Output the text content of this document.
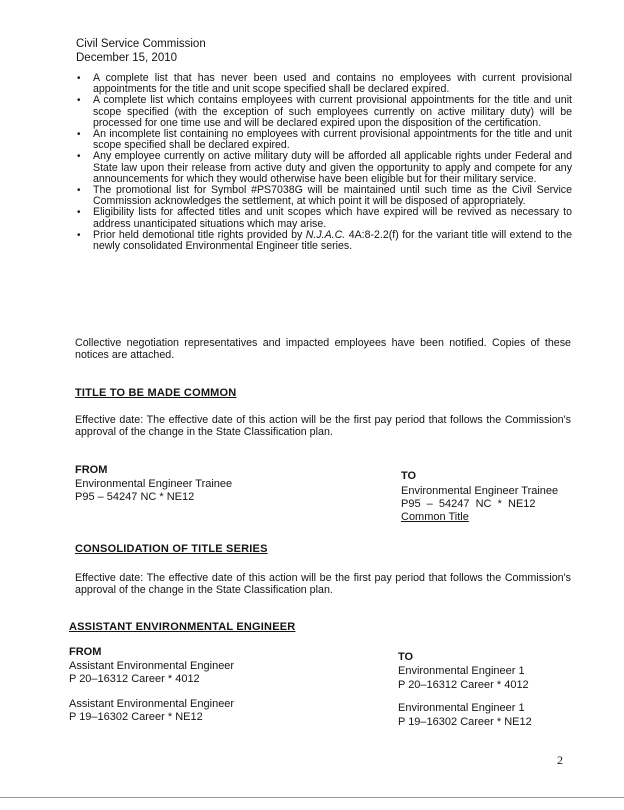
Civil Service Commission
December 15, 2010
• A complete list that has never been used and contains no employees with current provisional appointments for the title and unit scope specified shall be declared expired.
• A complete list which contains employees with current provisional appointments for the title and unit scope specified (with the exception of such employees currently on active military duty) will be processed for one time use and will be declared expired upon the disposition of the certification.
• An incomplete list containing no employees with current provisional appointments for the title and unit scope specified shall be declared expired.
• Any employee currently on active military duty will be afforded all applicable rights under Federal and State law upon their release from active duty and given the opportunity to apply and compete for any announcements for which they would otherwise have been eligible but for their military service.
• The promotional list for Symbol #PS7038G will be maintained until such time as the Civil Service Commission acknowledges the settlement, at which point it will be disposed of appropriately.
• Eligibility lists for affected titles and unit scopes which have expired will be revived as necessary to address unanticipated situations which may arise.
• Prior held demotional title rights provided by N.J.A.C. 4A:8-2.2(f) for the variant title will extend to the newly consolidated Environmental Engineer title series.

Collective negotiation representatives and impacted employees have been notified. Copies of these notices are attached.

TITLE TO BE MADE COMMON

Effective date: The effective date of this action will be the first pay period that follows the Commission's approval of the change in the State Classification plan.

FROM
Environmental Engineer Trainee
P95 – 54247 NC * NE12
TO
Environmental Engineer Trainee
P95  –  54247  NC  *  NE12
Common Title
CONSOLIDATION OF TITLE SERIES

Effective date: The effective date of this action will be the first pay period that follows the Commission's approval of the change in the State Classification plan.

ASSISTANT ENVIRONMENTAL ENGINEER
FROM
Assistant Environmental Engineer
P 20–16312 Career * 4012
Assistant Environmental Engineer
P 19–16302 Career * NE12
TO
Environmental Engineer 1
P 20–16312 Career * 4012
Environmental Engineer 1
P 19–16302 Career * NE12
2
